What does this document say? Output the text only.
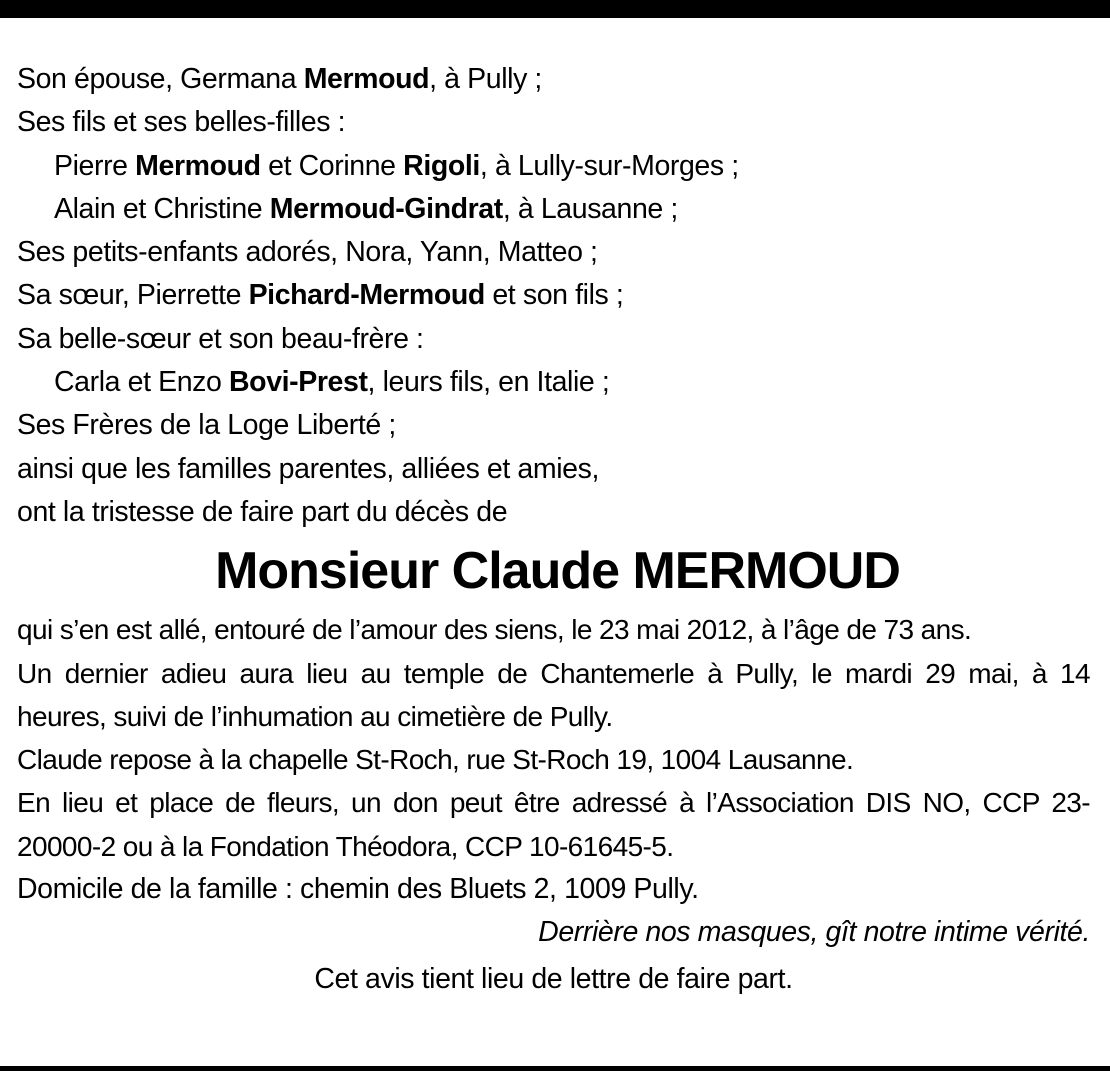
Son épouse, Germana Mermoud, à Pully ;
Ses fils et ses belles-filles :
Pierre Mermoud et Corinne Rigoli, à Lully-sur-Morges ;
Alain et Christine Mermoud-Gindrat, à Lausanne ;
Ses petits-enfants adorés, Nora, Yann, Matteo ;
Sa sœur, Pierrette Pichard-Mermoud et son fils ;
Sa belle-sœur et son beau-frère :
Carla et Enzo Bovi-Prest, leurs fils, en Italie ;
Ses Frères de la Loge Liberté ;
ainsi que les familles parentes, alliées et amies,
ont la tristesse de faire part du décès de
Monsieur Claude MERMOUD
qui s’en est allé, entouré de l’amour des siens, le 23 mai 2012, à l’âge de 73 ans.
Un dernier adieu aura lieu au temple de Chantemerle à Pully, le mardi 29 mai, à 14 heures, suivi de l’inhumation au cimetière de Pully.
Claude repose à la chapelle St-Roch, rue St-Roch 19, 1004 Lausanne.
En lieu et place de fleurs, un don peut être adressé à l’Association DIS NO, CCP 23-20000-2 ou à la Fondation Théodora, CCP 10-61645-5.
Domicile de la famille : chemin des Bluets 2, 1009 Pully.
Derrière nos masques, gît notre intime vérité.
Cet avis tient lieu de lettre de faire part.
